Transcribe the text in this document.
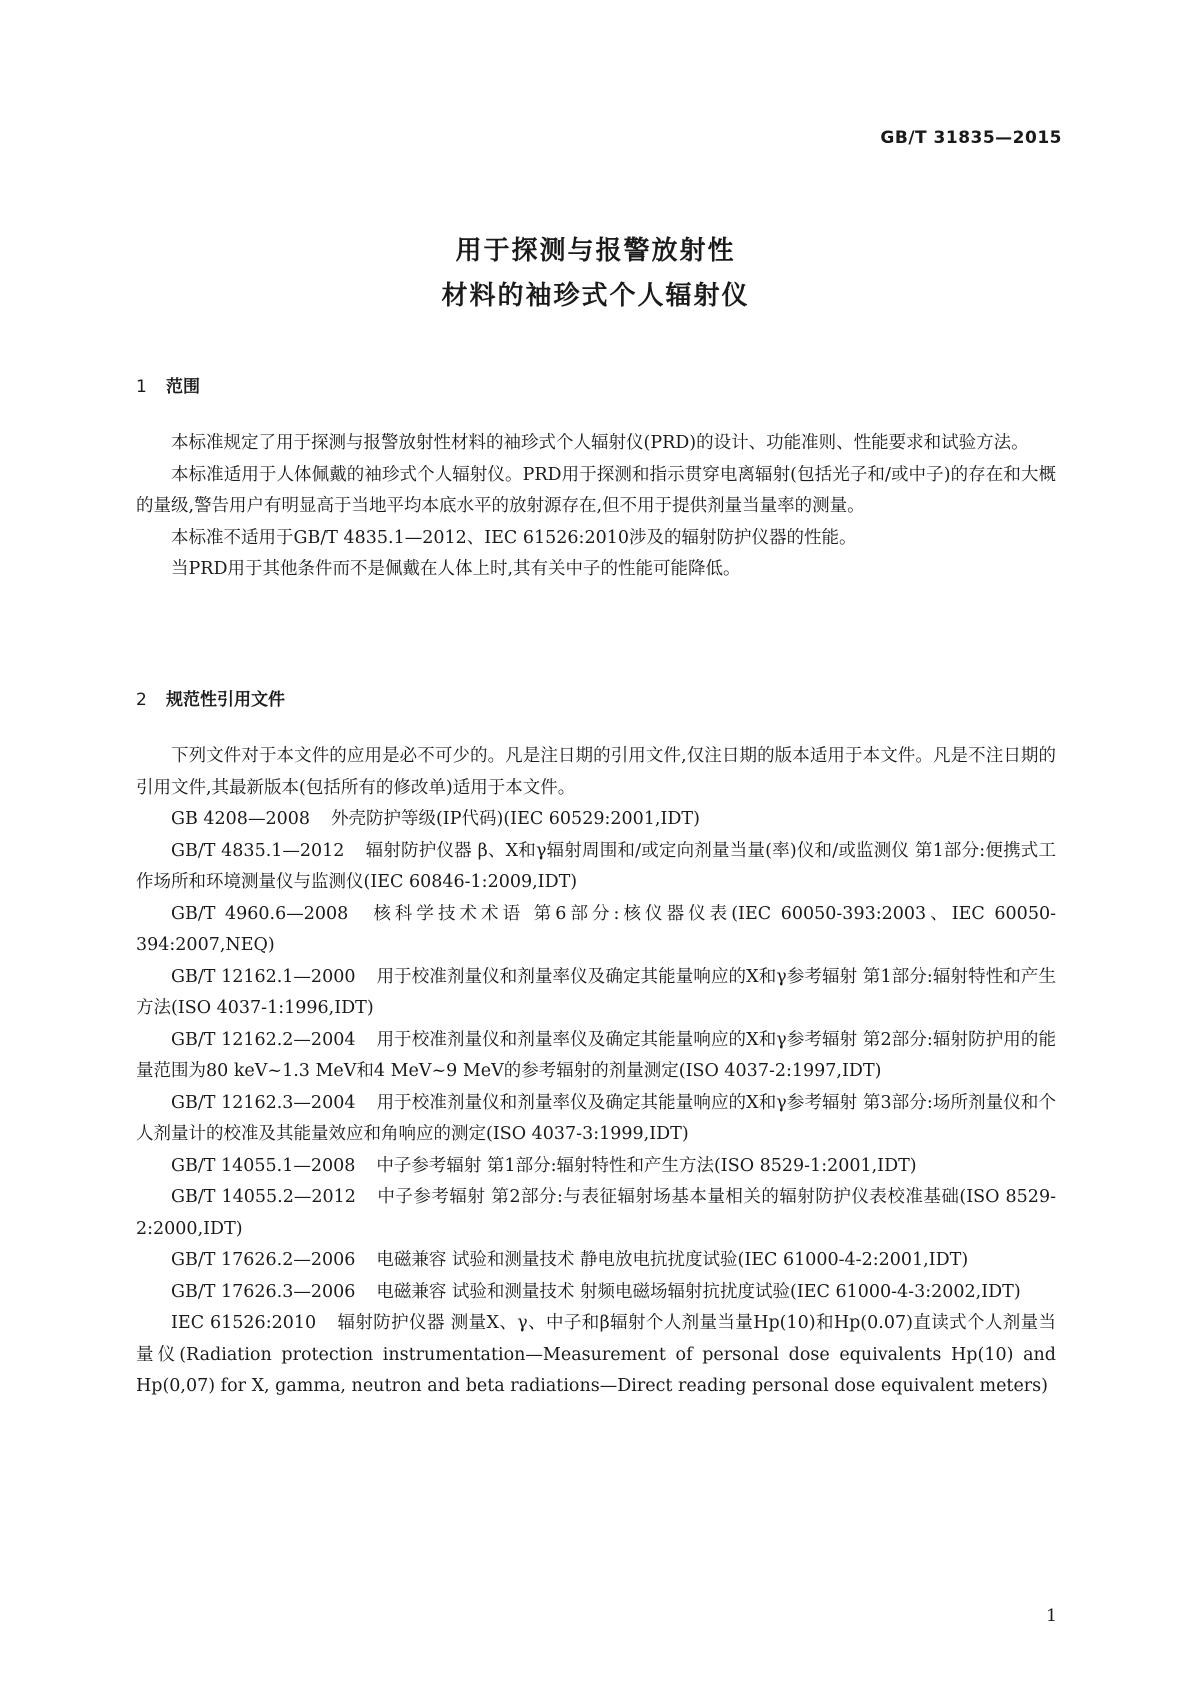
GB/T 31835—2015
用于探测与报警放射性
材料的袖珍式个人辐射仪
1 范围

本标准规定了用于探测与报警放射性材料的袖珍式个人辐射仪(PRD)的设计、功能准则、性能要求和试验方法。

本标准适用于人体佩戴的袖珍式个人辐射仪。PRD用于探测和指示贯穿电离辐射(包括光子和/或中子)的存在和大概的量级,警告用户有明显高于当地平均本底水平的放射源存在,但不用于提供剂量当量率的测量。

本标准不适用于GB/T 4835.1—2012、IEC 61526:2010涉及的辐射防护仪器的性能。

当PRD用于其他条件而不是佩戴在人体上时,其有关中子的性能可能降低。

2 规范性引用文件

下列文件对于本文件的应用是必不可少的。凡是注日期的引用文件,仅注日期的版本适用于本文件。凡是不注日期的引用文件,其最新版本(包括所有的修改单)适用于本文件。

GB 4208—2008 外壳防护等级(IP代码)(IEC 60529:2001,IDT)

GB/T 4835.1—2012 辐射防护仪器 β、X和γ辐射周围和/或定向剂量当量(率)仪和/或监测仪 第1部分:便携式工作场所和环境测量仪与监测仪(IEC 60846-1:2009,IDT)

GB/T 4960.6—2008 核科学技术术语 第6部分:核仪器仪表(IEC 60050-393:2003、IEC 60050-394:2007,NEQ)

GB/T 12162.1—2000 用于校准剂量仪和剂量率仪及确定其能量响应的X和γ参考辐射 第1部分:辐射特性和产生方法(ISO 4037-1:1996,IDT)

GB/T 12162.2—2004 用于校准剂量仪和剂量率仪及确定其能量响应的X和γ参考辐射 第2部分:辐射防护用的能量范围为80 keV~1.3 MeV和4 MeV~9 MeV的参考辐射的剂量测定(ISO 4037-2:1997,IDT)

GB/T 12162.3—2004 用于校准剂量仪和剂量率仪及确定其能量响应的X和γ参考辐射 第3部分:场所剂量仪和个人剂量计的校准及其能量效应和角响应的测定(ISO 4037-3:1999,IDT)

GB/T 14055.1—2008 中子参考辐射 第1部分:辐射特性和产生方法(ISO 8529-1:2001,IDT)

GB/T 14055.2—2012 中子参考辐射 第2部分:与表征辐射场基本量相关的辐射防护仪表校准基础(ISO 8529-2:2000,IDT)

GB/T 17626.2—2006 电磁兼容 试验和测量技术 静电放电抗扰度试验(IEC 61000-4-2:2001,IDT)

GB/T 17626.3—2006 电磁兼容 试验和测量技术 射频电磁场辐射抗扰度试验(IEC 61000-4-3:2002,IDT)

IEC 61526:2010 辐射防护仪器 测量X、γ、中子和β辐射个人剂量当量Hp(10)和Hp(0.07)直读式个人剂量当量仪(Radiation protection instrumentation—Measurement of personal dose equivalents Hp(10) and Hp(0,07) for X, gamma, neutron and beta radiations—Direct reading personal dose equivalent meters)

1
